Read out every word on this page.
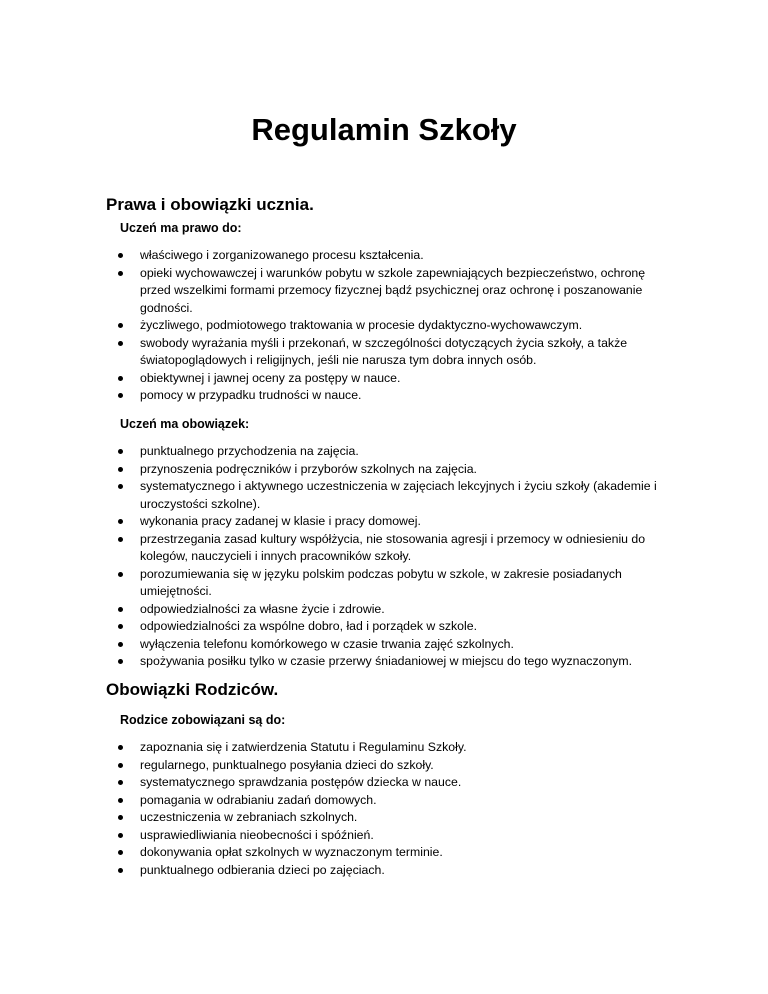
Regulamin Szkoły
Prawa i obowiązki ucznia.
Uczeń ma prawo do:
właściwego i zorganizowanego procesu kształcenia.
opieki wychowawczej i warunków pobytu w szkole zapewniających bezpieczeństwo, ochronę przed wszelkimi formami przemocy fizycznej bądź psychicznej oraz ochronę i poszanowanie godności.
życzliwego, podmiotowego traktowania w procesie dydaktyczno-wychowawczym.
swobody wyrażania myśli i przekonań, w szczególności dotyczących życia szkoły, a także światopoglądowych i religijnych, jeśli nie narusza tym dobra innych osób.
obiektywnej i jawnej oceny za postępy w nauce.
pomocy w przypadku trudności w nauce.
Uczeń ma obowiązek:
punktualnego przychodzenia na zajęcia.
przynoszenia podręczników i przyborów szkolnych na zajęcia.
systematycznego i aktywnego uczestniczenia w zajęciach lekcyjnych i życiu szkoły (akademie i uroczystości szkolne).
wykonania pracy zadanej w klasie i pracy domowej.
przestrzegania zasad kultury współżycia, nie stosowania agresji i przemocy w odniesieniu do kolegów, nauczycieli i innych pracowników szkoły.
porozumiewania się w języku polskim podczas pobytu w szkole, w zakresie posiadanych umiejętności.
odpowiedzialności za własne życie i zdrowie.
odpowiedzialności za wspólne dobro, ład i porządek w szkole.
wyłączenia telefonu komórkowego w czasie trwania zajęć szkolnych.
spożywania posiłku tylko w czasie przerwy śniadaniowej w miejscu do tego wyznaczonym.
Obowiązki Rodziców.
Rodzice zobowiązani są do:
zapoznania się i zatwierdzenia Statutu i Regulaminu Szkoły.
regularnego, punktualnego posyłania dzieci do szkoły.
systematycznego sprawdzania postępów dziecka w nauce.
pomagania w odrabianiu zadań domowych.
uczestniczenia w zebraniach szkolnych.
usprawiedliwiania nieobecności i spóźnień.
dokonywania opłat szkolnych w wyznaczonym terminie.
punktualnego odbierania dzieci po zajęciach.
